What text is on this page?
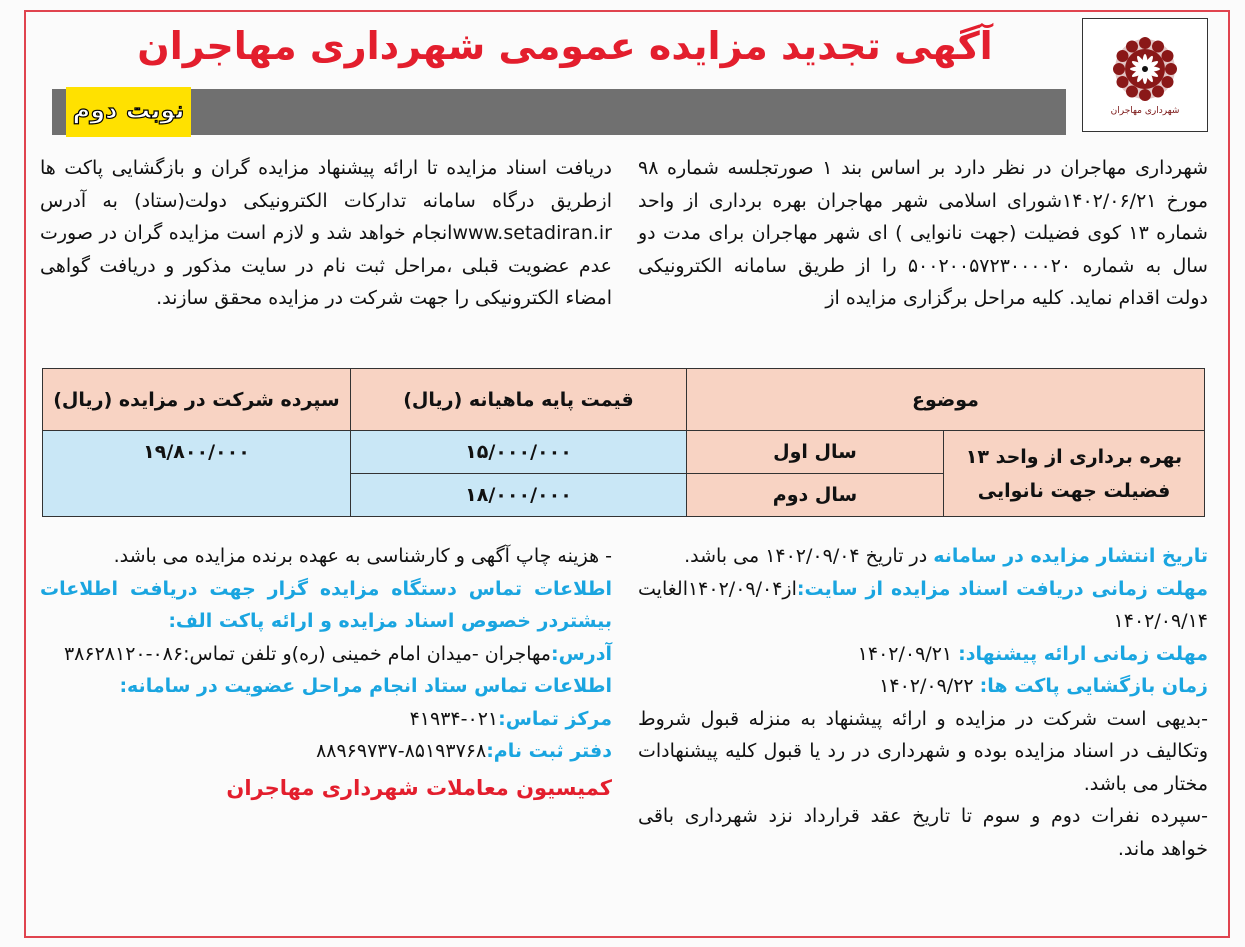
شهرداری مهاجران
آگهی تجدید مزایده عمومی شهرداری مهاجران
نوبت دوم
شهرداری مهاجران در نظر دارد بر اساس بند ۱ صورتجلسه شماره ۹۸ مورخ ۱۴۰۲/۰۶/۲۱شورای اسلامی شهر مهاجران بهره برداری از واحد شماره ۱۳ کوی فضیلت (جهت نانوایی ) ای شهر مهاجران برای مدت دو سال به شماره ۵۰۰۲۰۰۵۷۲۳۰۰۰۰۲۰ را از طریق سامانه الکترونیکی دولت اقدام نماید. کلیه مراحل برگزاری مزایده از
دریافت اسناد مزایده تا ارائه پیشنهاد مزایده گران و بازگشایی پاکت ها ازطریق درگاه سامانه تدارکات الکترونیکی دولت(ستاد) به آدرس www.setadiran.irانجام خواهد شد و لازم است مزایده گران در صورت عدم عضویت قبلی ،مراحل ثبت نام در سایت مذکور و دریافت گواهی امضاء الکترونیکی را جهت شرکت در مزایده محقق سازند.
موضوع		قیمت پایه ماهیانه (ریال)	سپرده شرکت در مزایده (ریال)
بهره برداری از واحد ۱۳ فضیلت جهت نانوایی	سال اول	۱۵/۰۰۰/۰۰۰	۱۹/۸۰۰/۰۰۰
	سال دوم	۱۸/۰۰۰/۰۰۰	
تاریخ انتشار مزایده در سامانه در تاریخ ۱۴۰۲/۰۹/۰۴ می باشد.
مهلت زمانی دریافت اسناد مزایده از سایت:از۱۴۰۲/۰۹/۰۴الغایت ۱۴۰۲/۰۹/۱۴
مهلت زمانی ارائه پیشنهاد: ۱۴۰۲/۰۹/۲۱
زمان بازگشایی پاکت ها: ۱۴۰۲/۰۹/۲۲
-بدیهی است شرکت در مزایده و ارائه پیشنهاد به منزله قبول شروط وتکالیف در اسناد مزایده بوده و شهرداری در رد یا قبول کلیه پیشنهادات مختار می باشد.
-سپرده نفرات دوم و سوم تا تاریخ عقد قرارداد نزد شهرداری باقی خواهد ماند.
- هزینه چاپ آگهی و کارشناسی به عهده برنده مزایده می باشد.
اطلاعات تماس دستگاه مزایده گزار جهت دریافت اطلاعات بیشتردر خصوص اسناد مزایده و ارائه پاکت الف:
آدرس:مهاجران -میدان امام خمینی (ره)و تلفن تماس:۰۸۶-۳۸۶۲۸۱۲۰
اطلاعات تماس ستاد انجام مراحل عضویت در سامانه:
مرکز تماس:۰۲۱-۴۱۹۳۴
دفتر ثبت نام:۸۵۱۹۳۷۶۸-۸۸۹۶۹۷۳۷
کمیسیون معاملات شهرداری مهاجران
